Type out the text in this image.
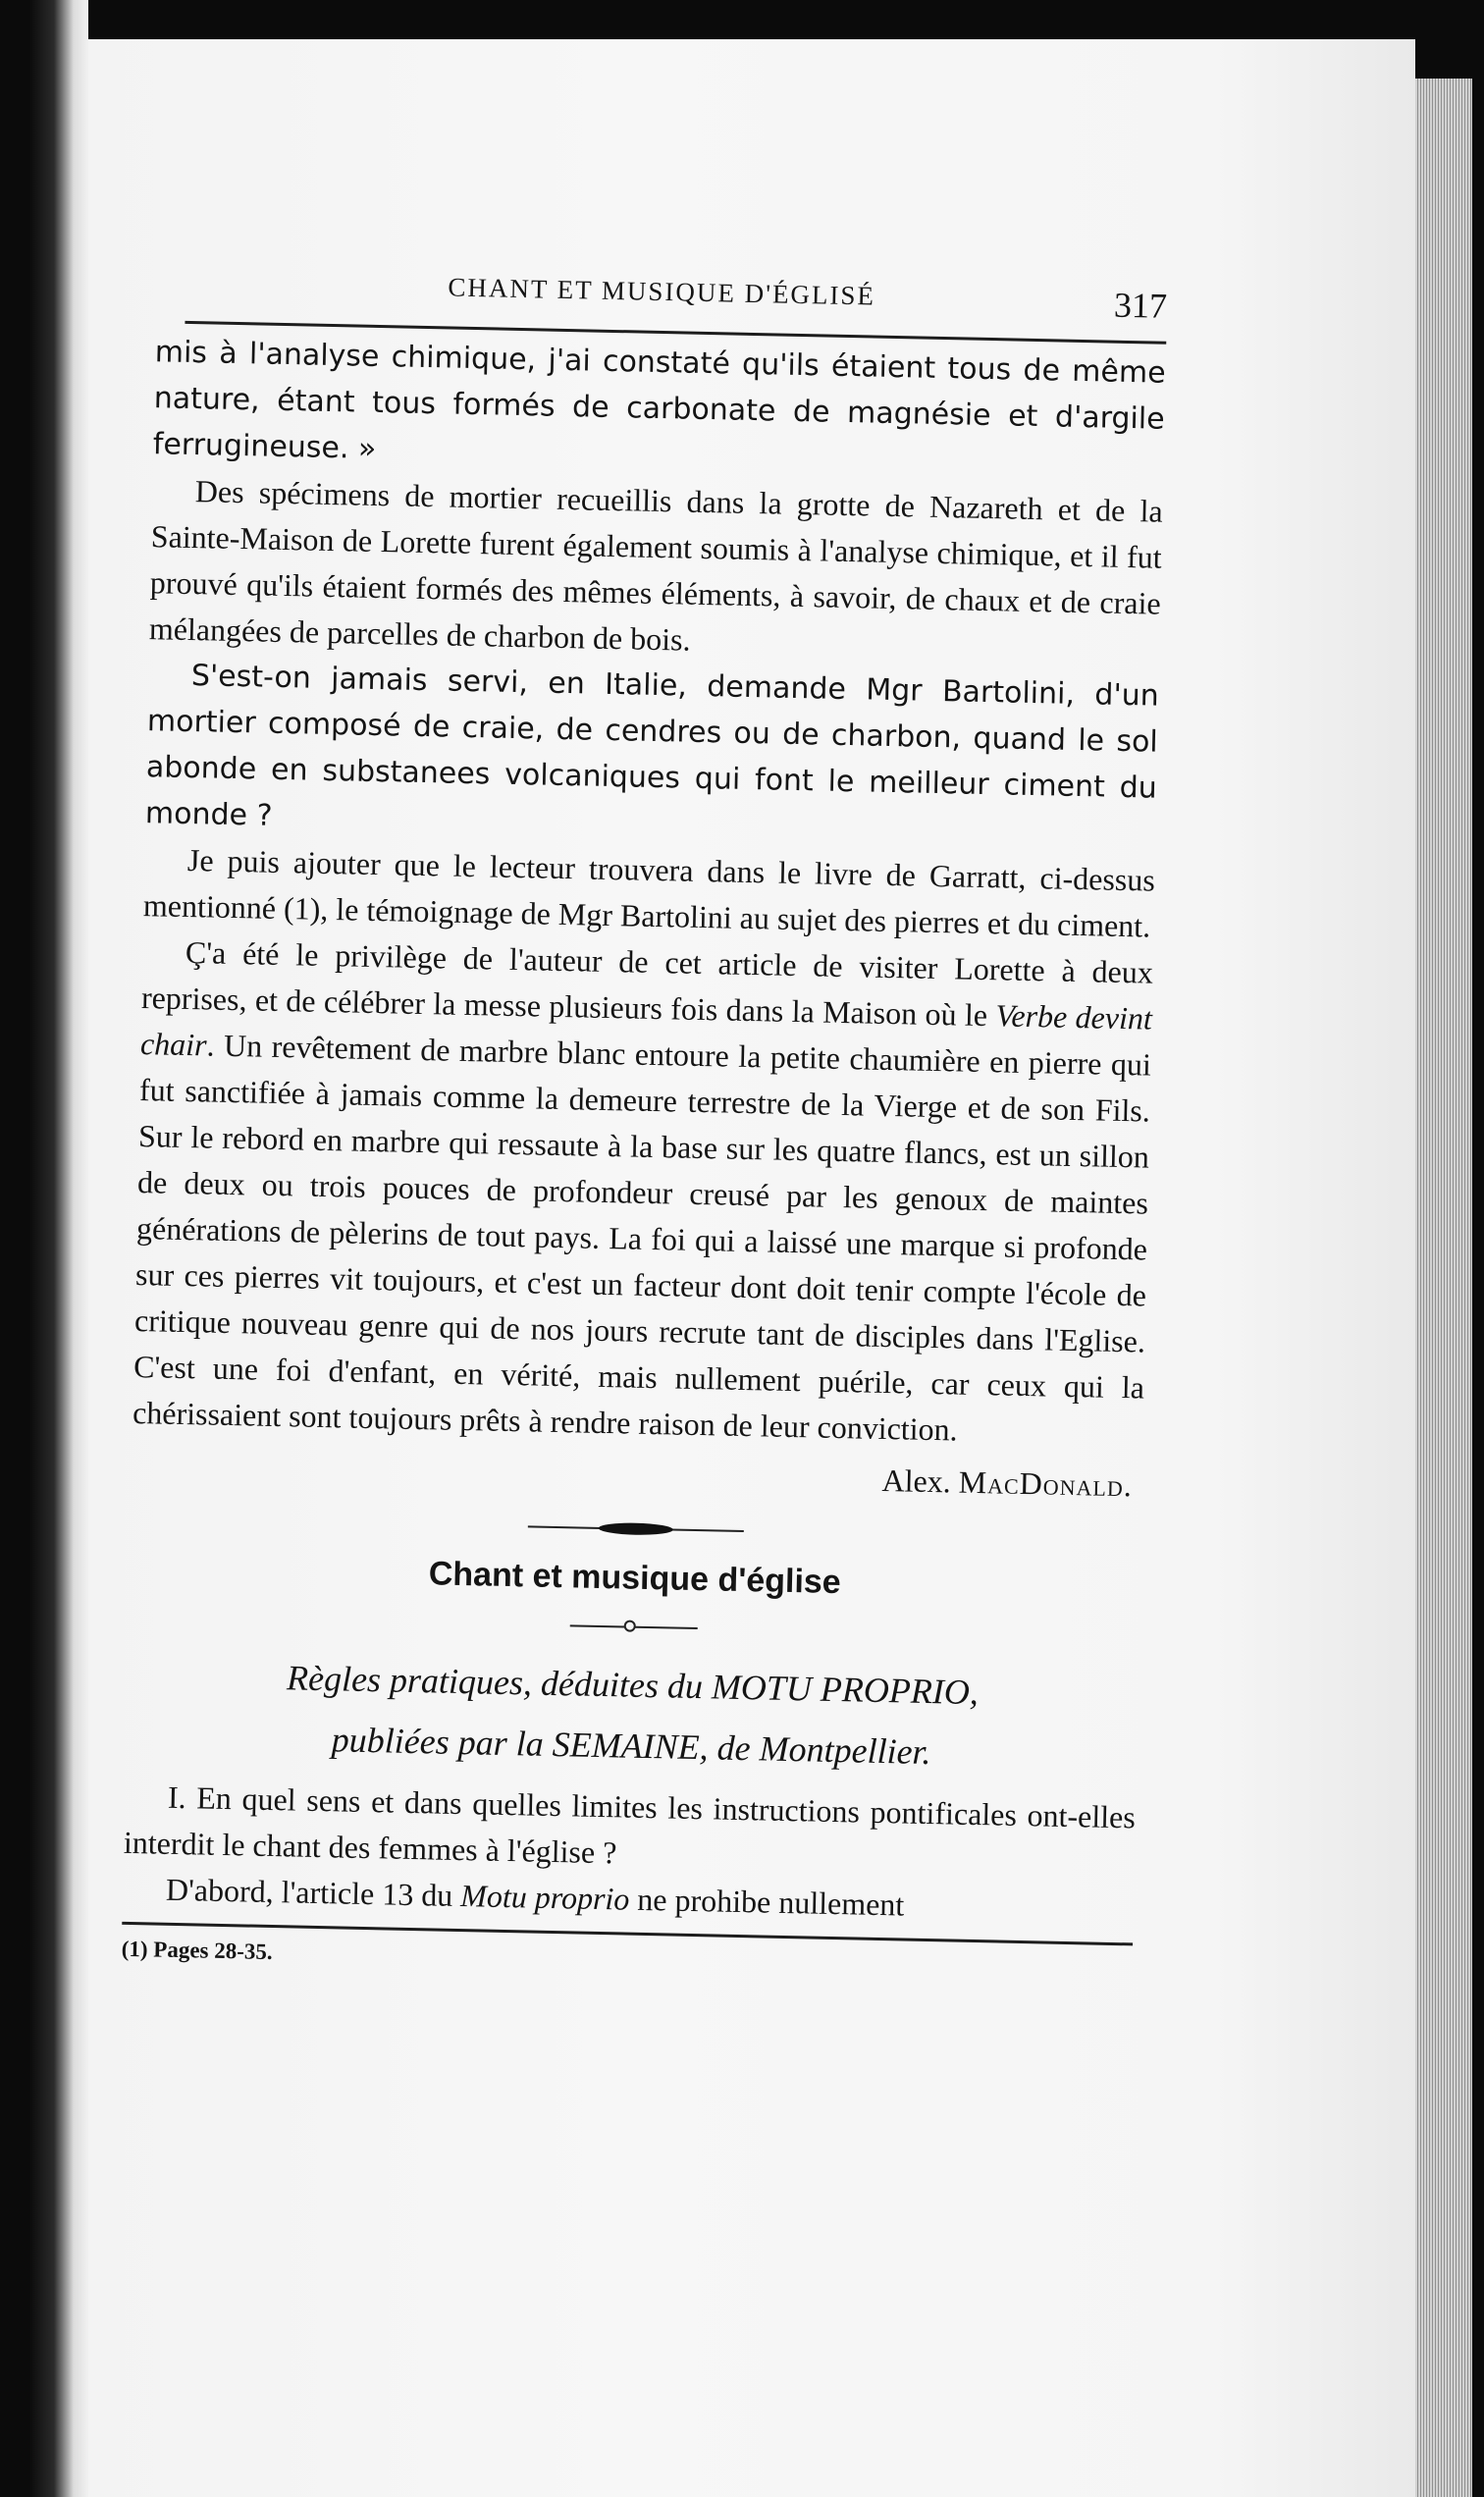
CHANT ET MUSIQUE D'ÉGLISÉ	317

mis à l'analyse chimique, j'ai constaté qu'ils étaient tous de même nature, étant tous formés de carbonate de magnésie et d'argile ferrugineuse. »

Des spécimens de mortier recueillis dans la grotte de Nazareth et de la Sainte-Maison de Lorette furent également soumis à l'analyse chimique, et il fut prouvé qu'ils étaient formés des mêmes éléments, à savoir, de chaux et de craie mélangées de parcelles de charbon de bois.

S'est-on jamais servi, en Italie, demande Mgr Bartolini, d'un mortier composé de craie, de cendres ou de charbon, quand le sol abonde en substanees volcaniques qui font le meilleur ciment du monde ?

Je puis ajouter que le lecteur trouvera dans le livre de Garratt, ci-dessus mentionné (1), le témoignage de Mgr Bartolini au sujet des pierres et du ciment.

Ç'a été le privilège de l'auteur de cet article de visiter Lorette à deux reprises, et de célébrer la messe plusieurs fois dans la Maison où le Verbe devint chair. Un revêtement de marbre blanc entoure la petite chaumière en pierre qui fut sanctifiée à jamais comme la demeure terrestre de la Vierge et de son Fils. Sur le rebord en marbre qui ressaute à la base sur les quatre flancs, est un sillon de deux ou trois pouces de profondeur creusé par les genoux de maintes générations de pèlerins de tout pays. La foi qui a laissé une marque si profonde sur ces pierres vit toujours, et c'est un facteur dont doit tenir compte l'école de critique nouveau genre qui de nos jours recrute tant de disciples dans l'Eglise. C'est une foi d'enfant, en vérité, mais nullement puérile, car ceux qui la chérissaient sont toujours prêts à rendre raison de leur conviction.

Alex. MacDonald.

Chant et musique d'église

Règles pratiques, déduites du MOTU PROPRIO,

publiées par la SEMAINE, de Montpellier.

I. En quel sens et dans quelles limites les instructions pontificales ont-elles interdit le chant des femmes à l'église ?

D'abord, l'article 13 du Motu proprio ne prohibe nullement

(1) Pages 28-35.
